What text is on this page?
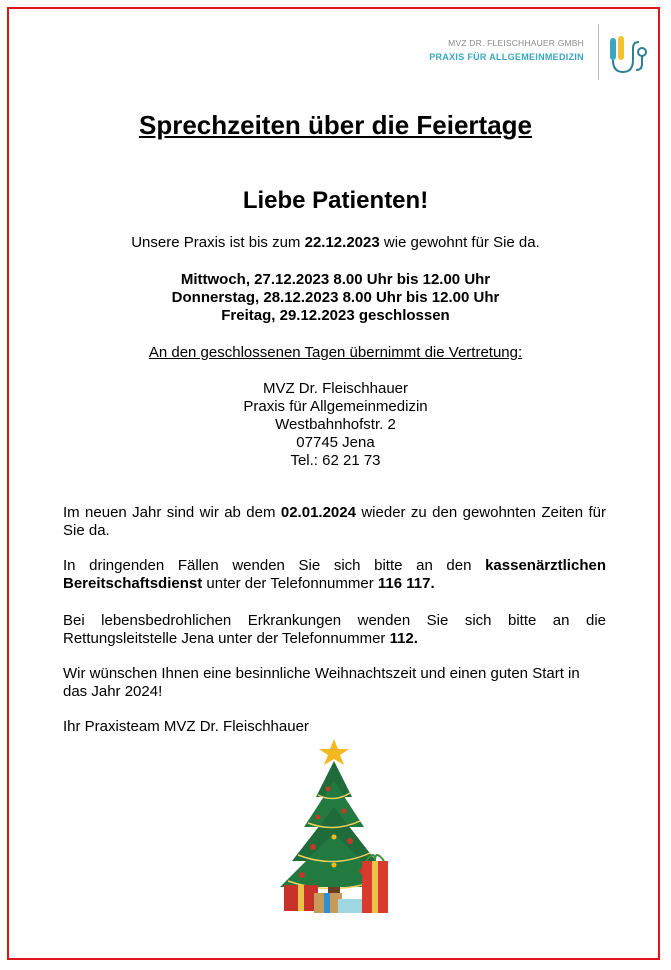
MVZ DR. FLEISCHHAUER GMBH
PRAXIS FÜR ALLGEMEINMEDIZIN
Sprechzeiten über die Feiertage
Liebe Patienten!
Unsere Praxis ist bis zum 22.12.2023 wie gewohnt für Sie da.
Mittwoch, 27.12.2023 8.00 Uhr bis 12.00 Uhr
Donnerstag, 28.12.2023 8.00 Uhr bis 12.00 Uhr
Freitag, 29.12.2023 geschlossen
An den geschlossenen Tagen übernimmt die Vertretung:
MVZ Dr. Fleischhauer
Praxis für Allgemeinmedizin
Westbahnhofstr. 2
07745 Jena
Tel.: 62 21 73
Im neuen Jahr sind wir ab dem 02.01.2024 wieder zu den gewohnten Zeiten für Sie da.
In dringenden Fällen wenden Sie sich bitte an den kassenärztlichen Bereitschaftsdienst unter der Telefonnummer 116 117.
Bei lebensbedrohlichen Erkrankungen wenden Sie sich bitte an die Rettungsleitstelle Jena unter der Telefonnummer 112.
Wir wünschen Ihnen eine besinnliche Weihnachtszeit und einen guten Start in das Jahr 2024!
Ihr Praxisteam MVZ Dr. Fleischhauer
